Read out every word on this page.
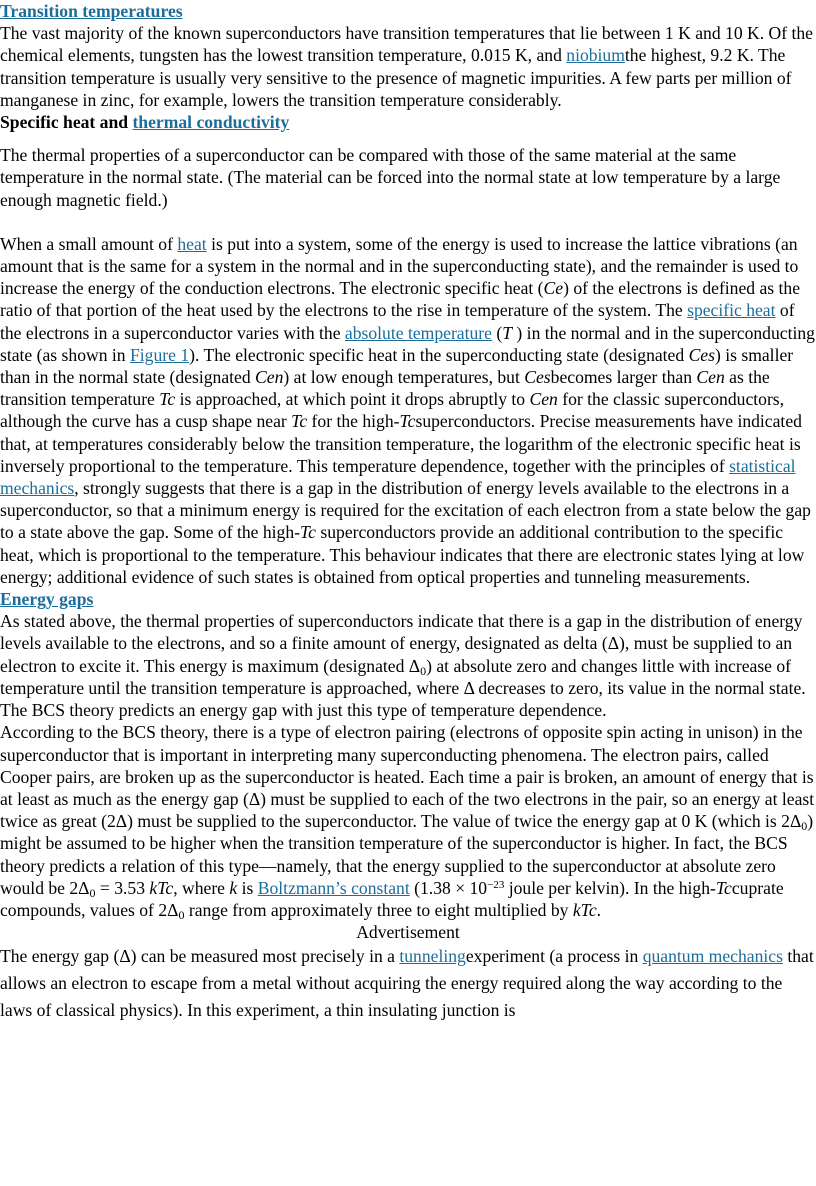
Transition temperatures

The vast majority of the known superconductors have transition temperatures that lie between 1 K and 10 K. Of the chemical elements, tungsten has the lowest transition temperature, 0.015 K, and niobiumthe highest, 9.2 K. The transition temperature is usually very sensitive to the presence of magnetic impurities. A few parts per million of manganese in zinc, for example, lowers the transition temperature considerably.

Specific heat and thermal conductivity

The thermal properties of a superconductor can be compared with those of the same material at the same temperature in the normal state. (The material can be forced into the normal state at low temperature by a large enough magnetic field.)

When a small amount of heat is put into a system, some of the energy is used to increase the lattice vibrations (an amount that is the same for a system in the normal and in the superconducting state), and the remainder is used to increase the energy of the conduction electrons. The electronic specific heat (Ce) of the electrons is defined as the ratio of that portion of the heat used by the electrons to the rise in temperature of the system. The specific heat of the electrons in a superconductor varies with the absolute temperature (T ) in the normal and in the superconducting state (as shown in Figure 1). The electronic specific heat in the superconducting state (designated Ces) is smaller than in the normal state (designated Cen) at low enough temperatures, but Cesbecomes larger than Cen as the transition temperature Tc is approached, at which point it drops abruptly to Cen for the classic superconductors, although the curve has a cusp shape near Tc for the high-Tcsuperconductors. Precise measurements have indicated that, at temperatures considerably below the transition temperature, the logarithm of the electronic specific heat is inversely proportional to the temperature. This temperature dependence, together with the principles of statistical mechanics, strongly suggests that there is a gap in the distribution of energy levels available to the electrons in a superconductor, so that a minimum energy is required for the excitation of each electron from a state below the gap to a state above the gap. Some of the high-Tc superconductors provide an additional contribution to the specific heat, which is proportional to the temperature. This behaviour indicates that there are electronic states lying at low energy; additional evidence of such states is obtained from optical properties and tunneling measurements.

Energy gaps

As stated above, the thermal properties of superconductors indicate that there is a gap in the distribution of energy levels available to the electrons, and so a finite amount of energy, designated as delta (Δ), must be supplied to an electron to excite it. This energy is maximum (designated $\Delta_0$) at absolute zero and changes little with increase of temperature until the transition temperature is approached, where Δ decreases to zero, its value in the normal state. The BCS theory predicts an energy gap with just this type of temperature dependence.

According to the BCS theory, there is a type of electron pairing (electrons of opposite spin acting in unison) in the superconductor that is important in interpreting many superconducting phenomena. The electron pairs, called Cooper pairs, are broken up as the superconductor is heated. Each time a pair is broken, an amount of energy that is at least as much as the energy gap (Δ) must be supplied to each of the two electrons in the pair, so an energy at least twice as great (2Δ) must be supplied to the superconductor. The value of twice the energy gap at 0 K (which is $2\Delta_0$) might be assumed to be higher when the transition temperature of the superconductor is higher. In fact, the BCS theory predicts a relation of this type—namely, that the energy supplied to the superconductor at absolute zero would be $2\Delta_0 = 3.53$ kTc, where k is Boltzmann’s constant ($1.38 \times 10^{-23}$ joule per kelvin). In the high-Tccuprate compounds, values of $2\Delta_0$ range from approximately three to eight multiplied by kTc.

Advertisement

The energy gap (Δ) can be measured most precisely in a tunnelingexperiment (a process in quantum mechanics that allows an electron to escape from a metal without acquiring the energy required along the way according to the laws of classical physics). In this experiment, a thin insulating junction is
